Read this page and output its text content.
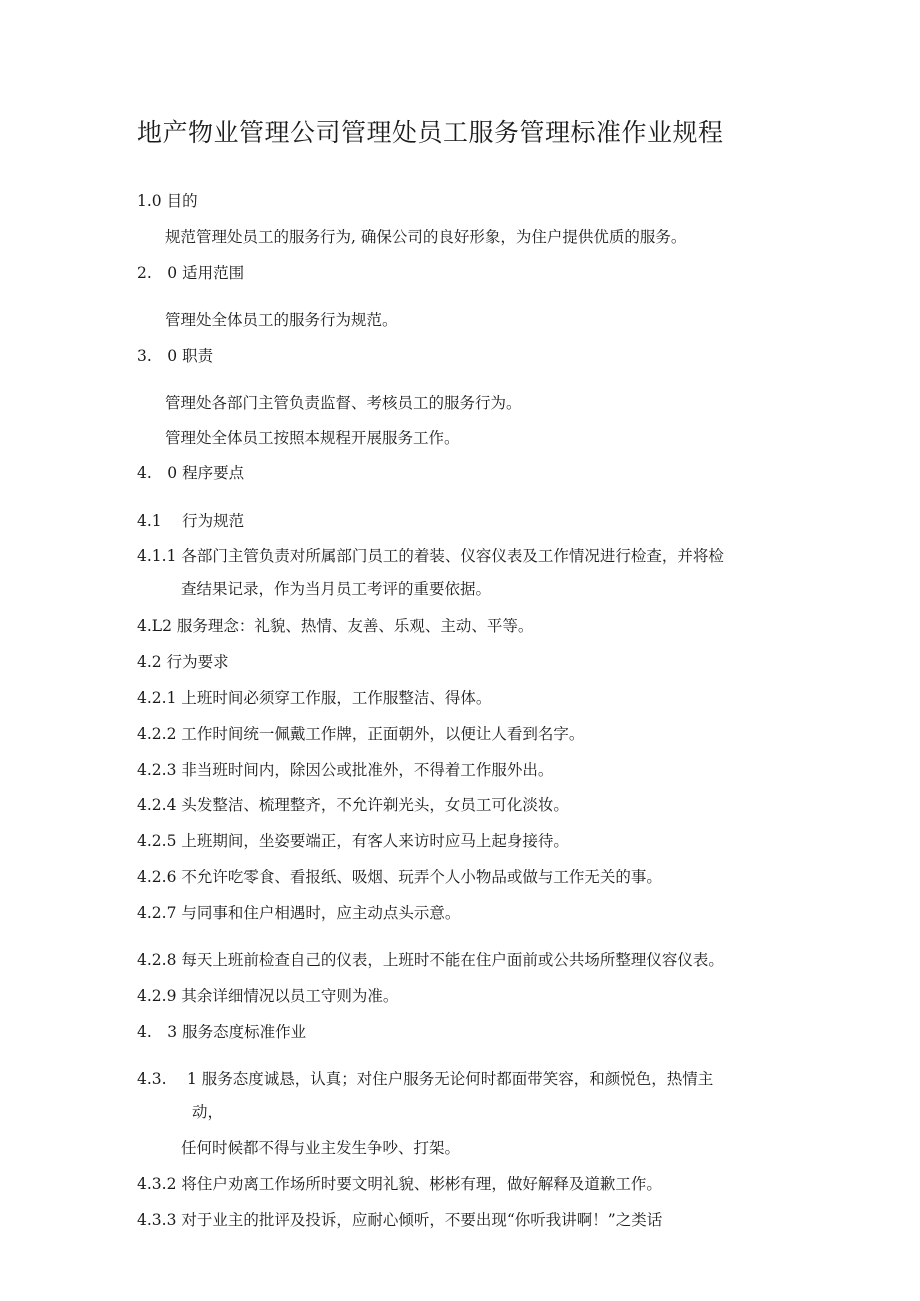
地产物业管理公司管理处员工服务管理标准作业规程
1.0 目的
规范管理处员工的服务行为, 确保公司的良好形象，为住户提供优质的服务。
2.　0 适用范围
管理处全体员工的服务行为规范。
3.　0 职责
管理处各部门主管负责监督、考核员工的服务行为。
管理处全体员工按照本规程开展服务工作。
4.　0 程序要点
4.1　 行为规范
4.1.1 各部门主管负责对所属部门员工的着装、仪容仪表及工作情况进行检查，并将检
查结果记录，作为当月员工考评的重要依据。
4.L2 服务理念：礼貌、热情、友善、乐观、主动、平等。
4.2 行为要求
4.2.1 上班时间必须穿工作服，工作服整洁、得体。
4.2.2 工作时间统一佩戴工作牌，正面朝外，以便让人看到名字。
4.2.3 非当班时间内，除因公或批准外，不得着工作服外出。
4.2.4 头发整洁、梳理整齐，不允许剃光头，女员工可化淡妆。
4.2.5 上班期间，坐姿要端正，有客人来访时应马上起身接待。
4.2.6 不允许吃零食、看报纸、吸烟、玩弄个人小物品或做与工作无关的事。
4.2.7 与同事和住户相遇时，应主动点头示意。
4.2.8 每天上班前检查自己的仪表，上班时不能在住户面前或公共场所整理仪容仪表。
4.2.9 其余详细情况以员工守则为准。
4.　3 服务态度标准作业
4.3.　 1 服务态度诚恳，认真；对住户服务无论何时都面带笑容，和颜悦色，热情主
动，
任何时候都不得与业主发生争吵、打架。
4.3.2 将住户劝离工作场所时要文明礼貌、彬彬有理，做好解释及道歉工作。
4.3.3 对于业主的批评及投诉，应耐心倾听，不要出现“你听我讲啊！”之类话
